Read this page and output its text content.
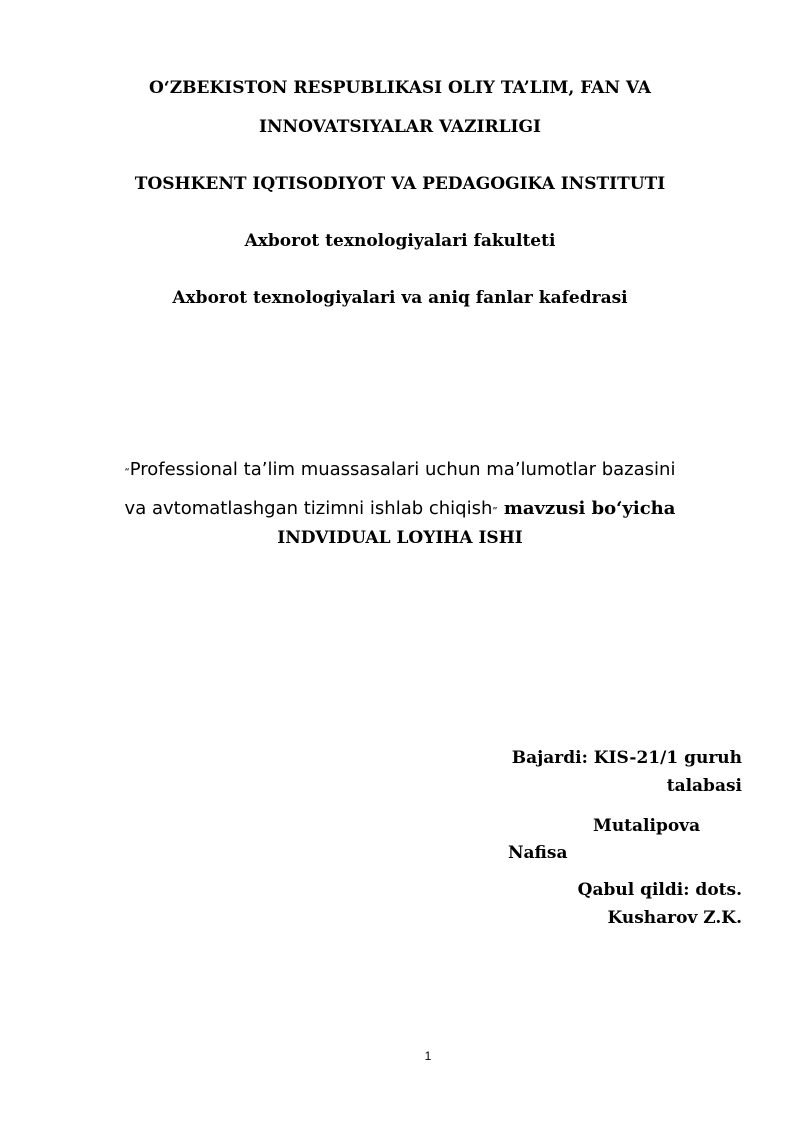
O‘ZBEKISTON RESPUBLIKASI OLIY TA’LIM, FAN VA
INNOVATSIYALAR VAZIRLIGI
TOSHKENT IQTISODIYOT VA PEDAGOGIKA INSTITUTI
Axborot texnologiyalari fakulteti
Axborot texnologiyalari va aniq fanlar kafedrasi
“Professional ta’lim muassasalari uchun ma’lumotlar bazasini
va avtomatlashgan tizimni ishlab chiqish” mavzusi bo‘yicha
INDVIDUAL LOYIHA ISHI
Bajardi: KIS-21/1 guruh
talabasi
Mutalipova
Nafisa
Qabul qildi: dots.
Kusharov Z.K.
1
